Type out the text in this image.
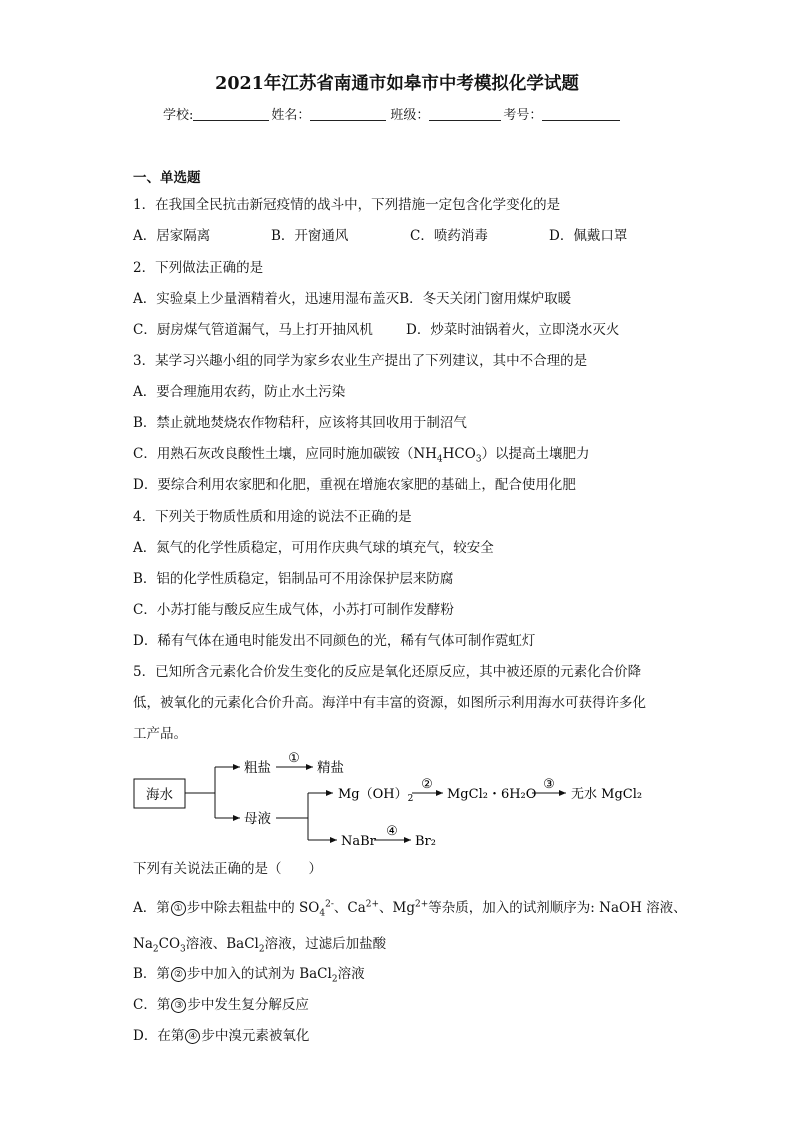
2021年江苏省南通市如皋市中考模拟化学试题
学校:	姓名：	班级：	考号：
一、单选题
1．在我国全民抗击新冠疫情的战斗中，下列措施一定包含化学变化的是
A．居家隔离	B．开窗通风	C．喷药消毒	D．佩戴口罩
2．下列做法正确的是
A．实验桌上少量酒精着火，迅速用湿布盖灭B．冬天关闭门窗用煤炉取暖
C．厨房煤气管道漏气，马上打开抽风机 D．炒菜时油锅着火，立即浇水灭火
3．某学习兴趣小组的同学为家乡农业生产提出了下列建议，其中不合理的是
A．要合理施用农药，防止水土污染
B．禁止就地焚烧农作物秸秆，应该将其回收用于制沼气
C．用熟石灰改良酸性土壤，应同时施加碳铵$(NH_4HCO_3)$以提高土壤肥力
D．要综合利用农家肥和化肥，重视在增施农家肥的基础上，配合使用化肥
4．下列关于物质性质和用途的说法不正确的是
A．氮气的化学性质稳定，可用作庆典气球的填充气，较安全
B．铝的化学性质稳定，铝制品可不用涂保护层来防腐
C．小苏打能与酸反应生成气体，小苏打可制作发酵粉
D．稀有气体在通电时能发出不同颜色的光，稀有气体可制作霓虹灯
5．已知所含元素化合价发生变化的反应是氧化还原反应，其中被还原的元素化合价降
低，被氧化的元素化合价升高。海洋中有丰富的资源，如图所示利用海水可获得许多化
工产品。
海水
粗盐
①
精盐
母液
$Mg(OH)_2$
②
MgCl₂・6H₂O
③
无水 MgCl₂
NaBr
④
Br₂
下列有关说法正确的是（　　）
A．第 ① 步中除去粗盐中的 $SO_4^{2-}$、$Ca^{2+}$、$Mg^{2+}$等杂质，加入的试剂顺序为: NaOH 溶液、
$Na_2CO_3$溶液、BaCl$_2$溶液，过滤后加盐酸
B．第 ② 步中加入的试剂为 BaCl$_2$溶液
C．第 ③ 步中发生复分解反应
D．在第 ④ 步中溴元素被氧化
